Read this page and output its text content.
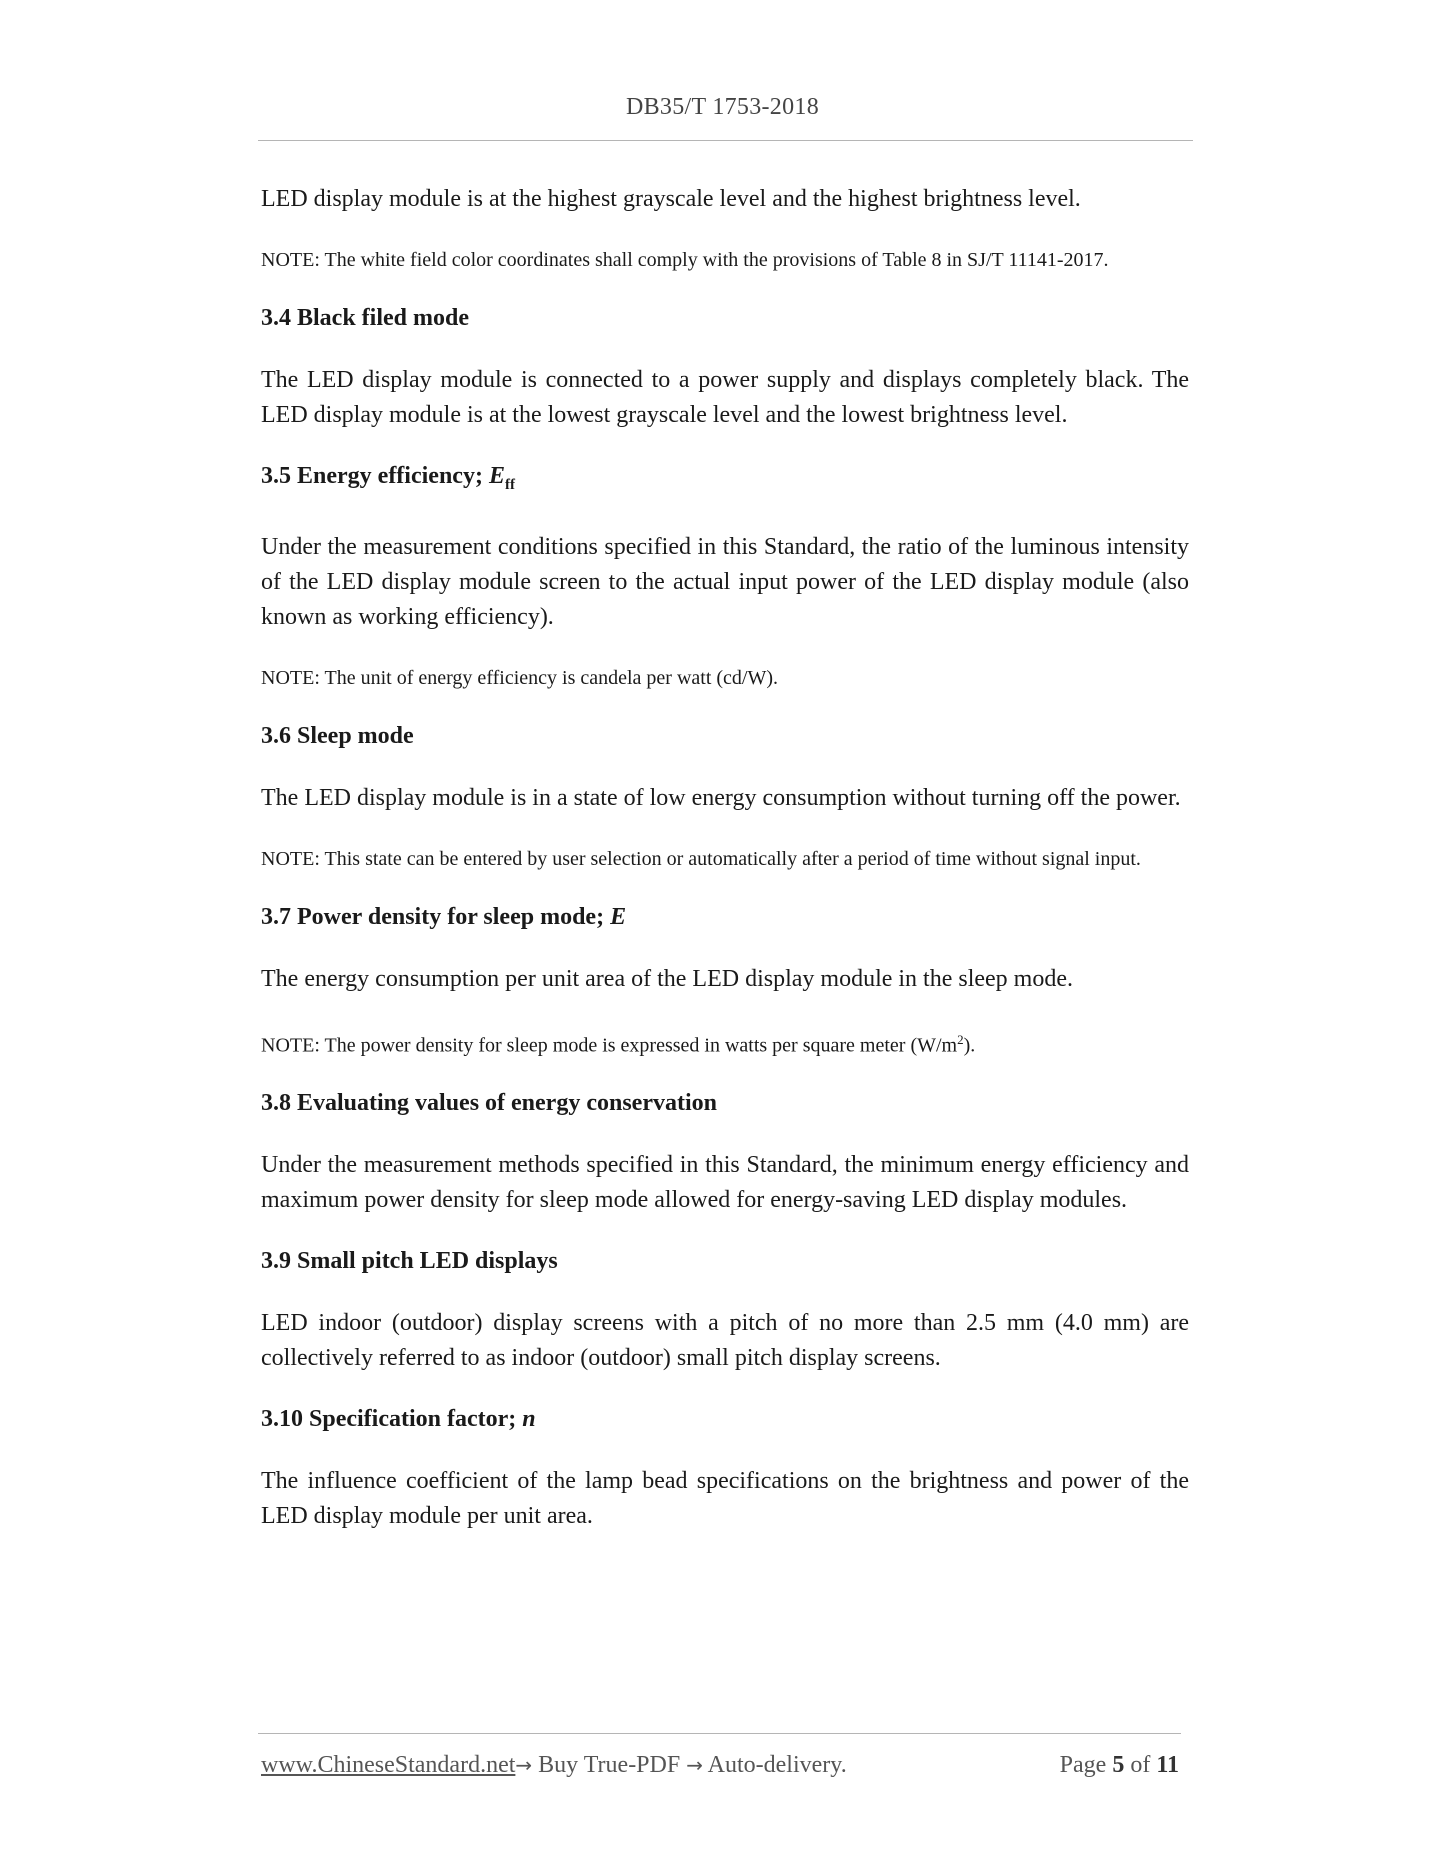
DB35/T 1753-2018

LED display module is at the highest grayscale level and the highest brightness level.

NOTE: The white field color coordinates shall comply with the provisions of Table 8 in SJ/T 11141-2017.

3.4 Black filed mode

The LED display module is connected to a power supply and displays completely black. The LED display module is at the lowest grayscale level and the lowest brightness level.

3.5 Energy efficiency; $E_{ff}$

Under the measurement conditions specified in this Standard, the ratio of the luminous intensity of the LED display module screen to the actual input power of the LED display module (also known as working efficiency).

NOTE: The unit of energy efficiency is candela per watt (cd/W).

3.6 Sleep mode

The LED display module is in a state of low energy consumption without turning off the power.

NOTE: This state can be entered by user selection or automatically after a period of time without signal input.

3.7 Power density for sleep mode; E

The energy consumption per unit area of the LED display module in the sleep mode.

NOTE: The power density for sleep mode is expressed in watts per square meter $(W/m^2)$.

3.8 Evaluating values of energy conservation

Under the measurement methods specified in this Standard, the minimum energy efficiency and maximum power density for sleep mode allowed for energy-saving LED display modules.

3.9 Small pitch LED displays

LED indoor (outdoor) display screens with a pitch of no more than 2.5 mm (4.0 mm) are collectively referred to as indoor (outdoor) small pitch display screens.

3.10 Specification factor; n

The influence coefficient of the lamp bead specifications on the brightness and power of the LED display module per unit area.

www.ChineseStandard.net→ Buy True-PDF → Auto-delivery.	Page 5 of 11
